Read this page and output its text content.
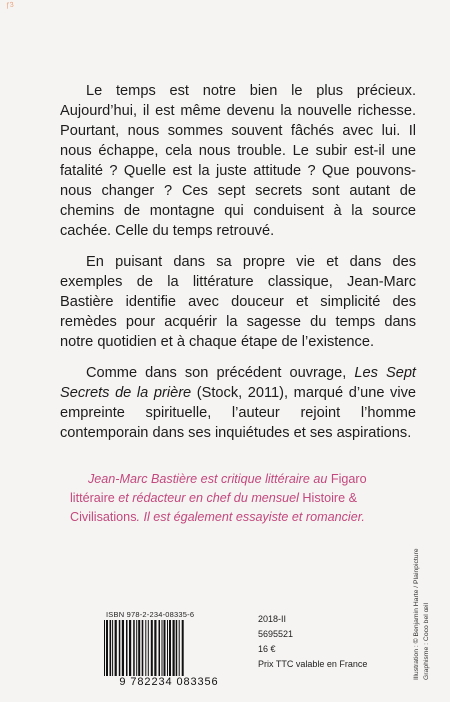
ƒ3

Le temps est notre bien le plus précieux. Aujourd’hui, il est même devenu la nouvelle richesse. Pourtant, nous sommes souvent fâchés avec lui. Il nous échappe, cela nous trouble. Le subir est-il une fatalité ? Quelle est la juste attitude ? Que pouvons-nous changer ? Ces sept secrets sont autant de chemins de montagne qui conduisent à la source cachée. Celle du temps retrouvé.

En puisant dans sa propre vie et dans des exemples de la littérature classique, Jean-Marc Bastière identifie avec douceur et simplicité des remèdes pour acquérir la sagesse du temps dans notre quotidien et à chaque étape de l’existence.

Comme dans son précédent ouvrage, Les Sept Secrets de la prière (Stock, 2011), marqué d’une vive empreinte spirituelle, l’auteur rejoint l’homme contemporain dans ses inquiétudes et ses aspirations.

Jean-Marc Bastière est critique littéraire au Figaro littéraire et rédacteur en chef du mensuel Histoire & Civilisations. Il est également essayiste et romancier.

ISBN 978-2-234-08335-6
9 782234 083356
2018-II
5695521
16 €
Prix TTC valable en France	Illustration : © Benjamin Harte / Plainpicture Graphisme : Coco bel œil
